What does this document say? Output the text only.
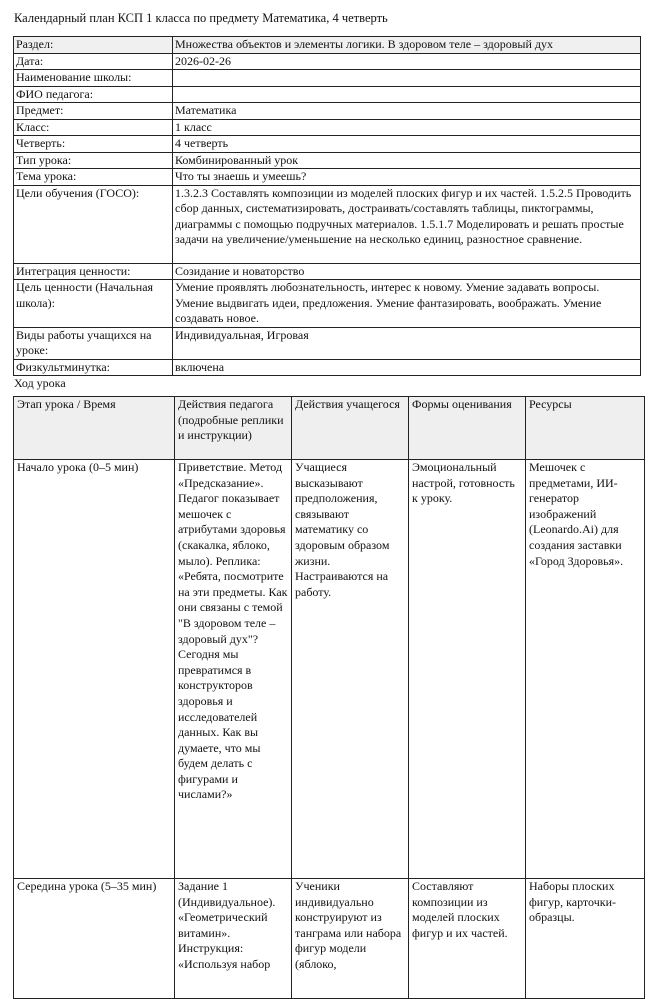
Календарный план КСП 1 класса по предмету Математика, 4 четверть
Раздел:	Множества объектов и элементы логики. В здоровом теле – здоровый дух
Дата:	2026-02-26
Наименование школы:	
ФИО педагога:	
Предмет:	Математика
Класс:	1 класс
Четверть:	4 четверть
Тип урока:	Комбинированный урок
Тема урока:	Что ты знаешь и умеешь?
Цели обучения (ГОСО):	1.3.2.3 Составлять композиции из моделей плоских фигур и их частей. 1.5.2.5 Проводить сбор данных, систематизировать, достраивать/составлять таблицы, пиктограммы, диаграммы с помощью подручных материалов. 1.5.1.7 Моделировать и решать простые задачи на увеличение/уменьшение на несколько единиц, разностное сравнение.
Интеграция ценности:	Созидание и новаторство
Цель ценности (Начальная школа):	Умение проявлять любознательность, интерес к новому. Умение задавать вопросы. Умение выдвигать идеи, предложения. Умение фантазировать, воображать. Умение создавать новое.
Виды работы учащихся на уроке:	Индивидуальная, Игровая
Физкультминутка:	включена
Ход урока
Этап урока / Время	Действия педагога (подробные реплики и инструкции)	Действия учащегося	Формы оценивания	Ресурсы
Начало урока (0–5 мин)	Приветствие. Метод «Предсказание». Педагог показывает мешочек с атрибутами здоровья (скакалка, яблоко, мыло). Реплика: «Ребята, посмотрите на эти предметы. Как они связаны с темой "В здоровом теле – здоровый дух"? Сегодня мы превратимся в конструкторов здоровья и исследователей данных. Как вы думаете, что мы будем делать с фигурами и числами?»	Учащиеся высказывают предположения, связывают математику со здоровым образом жизни. Настраиваются на работу.	Эмоциональный настрой, готовность к уроку.	Мешочек с предметами, ИИ-генератор изображений (Leonardo.Ai) для создания заставки «Город Здоровья».
Середина урока (5–35 мин)	Задание 1 (Индивидуальное). «Геометрический витамин». Инструкция: «Используя набор	Ученики индивидуально конструируют из танграма или набора фигур модели (яблоко,	Составляют композиции из моделей плоских фигур и их частей.	Наборы плоских фигур, карточки-образцы.
